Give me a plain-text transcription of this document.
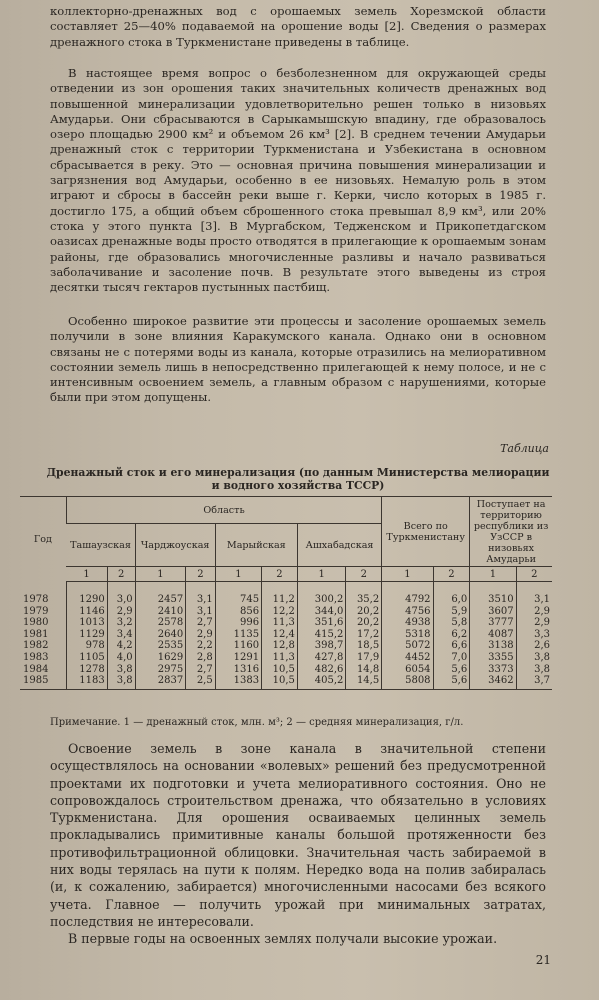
коллекторно-дренажных вод с орошаемых земель Хорезмской области составляет 25—40% подаваемой на орошение воды [2]. Сведения о размерах дренажного стока в Туркменистане приведены в таблице.

В настоящее время вопрос о безболезненном для окружающей среды отведении из зон орошения таких значительных количеств дренажных вод повышенной минерализации удовлетворительно решен только в низовьях Амударьи. Они сбрасываются в Сарыкамышскую впадину, где образовалось озеро площадью 2900 км² и объемом 26 км³ [2]. В среднем течении Амударьи дренажный сток с территории Туркменистана и Узбекистана в основном сбрасывается в реку. Это — основная причина повышения минерализации и загрязнения вод Амударьи, особенно в ее низовьях. Немалую роль в этом играют и сбросы в бассейн реки выше г. Керки, число которых в 1985 г. достигло 175, а общий объем сброшенного стока превышал 8,9 км³, или 20% стока у этого пункта [3]. В Мургабском, Тедженском и Прикопетдагском оазисах дренажные воды просто отводятся в прилегающие к орошаемым зонам районы, где образовались многочисленные разливы и начало развиваться заболачивание и засоление почв. В результате этого выведены из строя десятки тысяч гектаров пустынных пастбищ.

Особенно широкое развитие эти процессы и засоление орошаемых земель получили в зоне влияния Каракумского канала. Однако они в основном связаны не с потерями воды из канала, которые отразились на мелиоративном состоянии земель лишь в непосредственно прилегающей к нему полосе, и не с интенсивным освоением земель, а главным образом с нарушениями, которые были при этом допущены.

Таблица
Дренажный сток и его минерализация (по данным Министерства мелиорации и водного хозяйства ТССР)
Год	Область								Всего по Туркменистану		Поступает на территорию республики из УзССР в низовьях Амударьи	
	Ташаузская		Чарджоуская		Марыйская		Ашхабадская					
	1	2	1	2	1	2	1	2	1	2	1	2

1978	1290	3,0	2457	3,1	745	11,2	300,2	35,2	4792	6,0	3510	3,1
1979	1146	2,9	2410	3,1	856	12,2	344,0	20,2	4756	5,9	3607	2,9
1980	1013	3,2	2578	2,7	996	11,3	351,6	20,2	4938	5,8	3777	2,9
1981	1129	3,4	2640	2,9	1135	12,4	415,2	17,2	5318	6,2	4087	3,3
1982	978	4,2	2535	2,2	1160	12,8	398,7	18,5	5072	6,6	3138	2,6
1983	1105	4,0	1629	2,8	1291	11,3	427,8	17,9	4452	7,0	3355	3,8
1984	1278	3,8	2975	2,7	1316	10,5	482,6	14,8	6054	5,6	3373	3,8
1985	1183	3,8	2837	2,5	1383	10,5	405,2	14,5	5808	5,6	3462	3,7
Примечание. 1 — дренажный сток, млн. м³; 2 — средняя минерализация, г/л.

Освоение земель в зоне канала в значительной степени осуществлялось на основании «волевых» решений без предусмотренной проектами их подготовки и учета мелиоративного состояния. Оно не сопровождалось строительством дренажа, что обязательно в условиях Туркменистана. Для орошения осваиваемых целинных земель прокладывались примитивные каналы большой протяженности без противофильтрационной облицовки. Значительная часть забираемой в них воды терялась на пути к полям. Нередко вода на полив забиралась (и, к сожалению, забирается) многочисленными насосами без всякого учета. Главное — получить урожай при минимальных затратах, последствия не интересовали.

В первые годы на освоенных землях получали высокие урожаи.

21
